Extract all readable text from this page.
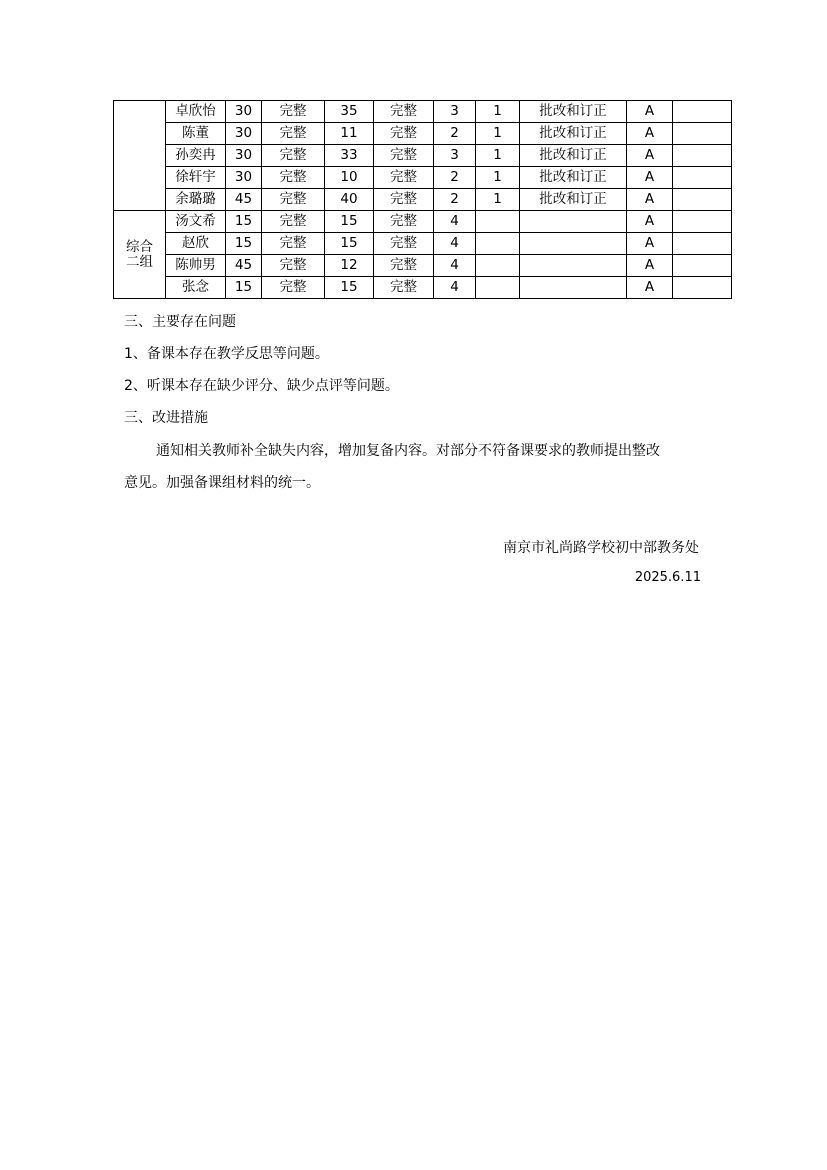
	卓欣怡	30	完整	35	完整	3	1	批改和订正	A	
	陈董	30	完整	11	完整	2	1	批改和订正	A	
	孙奕冉	30	完整	33	完整	3	1	批改和订正	A	
	徐轩宇	30	完整	10	完整	2	1	批改和订正	A	
	余璐璐	45	完整	40	完整	2	1	批改和订正	A	

综合
二组	汤文希	15	完整	15	完整	4			A	
	赵欣	15	完整	15	完整	4			A	
	陈帅男	45	完整	12	完整	4			A	
	张念	15	完整	15	完整	4			A	
三、主要存在问题
1、备课本存在教学反思等问题。
2、听课本存在缺少评分、缺少点评等问题。
三、改进措施
通知相关教师补全缺失内容，增加复备内容。对部分不符备课要求的教师提出整改
意见。加强备课组材料的统一。
南京市礼尚路学校初中部教务处
2025.6.11
